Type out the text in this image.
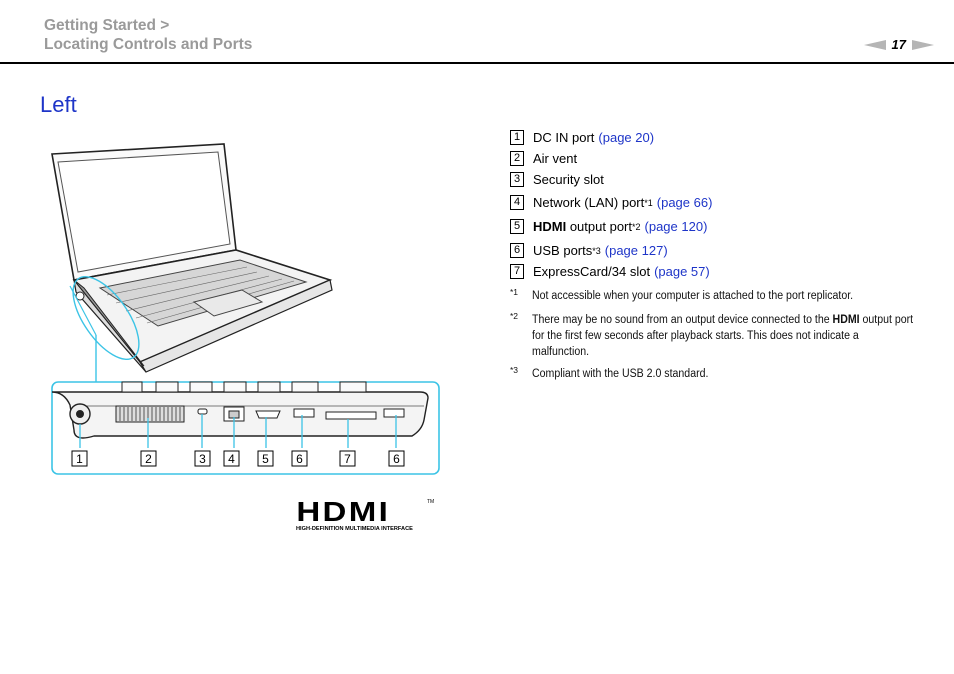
Getting Started >
Locating Controls and Ports	17
Left
1	2	3 4 5 6	7	6
HDMI	TM
HIGH-DEFINITION MULTIMEDIA INTERFACE
1 DC IN port (page 20)
2 Air vent
3 Security slot
4 Network (LAN) port *1 (page 66)
5 HDMI output port *2 (page 120)
6 USB ports *3 (page 127)
7 ExpressCard/34 slot (page 57)
*1 Not accessible when your computer is attached to the port replicator.
*2 There may be no sound from an output device connected to the HDMI output port for the first few seconds after playback starts. This does not indicate a malfunction.
*3 Compliant with the USB 2.0 standard.
